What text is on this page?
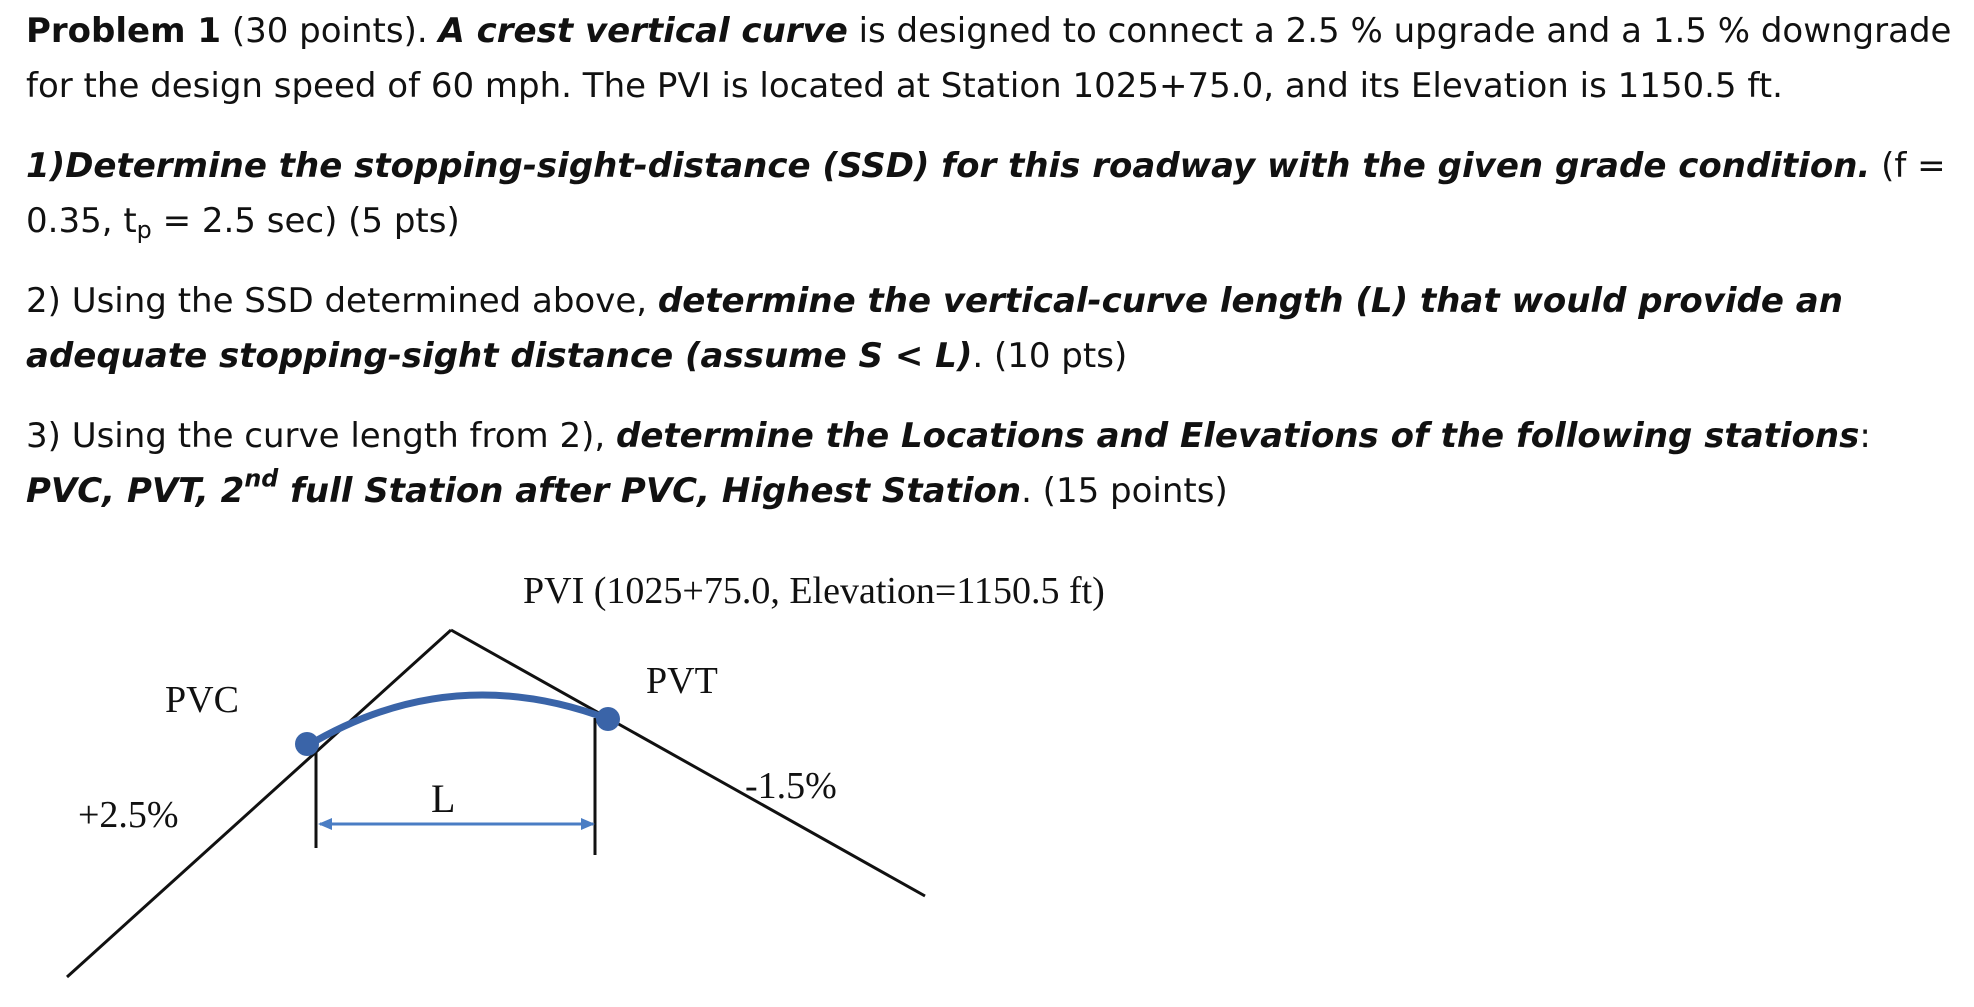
Problem 1 (30 points). A crest vertical curve is designed to connect a 2.5 % upgrade and a 1.5 % downgrade for the design speed of 60 mph. The PVI is located at Station 1025+75.0, and its Elevation is 1150.5 ft.

1)Determine the stopping-sight-distance (SSD) for this roadway with the given grade condition. (f = 0.35, $t_p = 2.5$ sec) (5 pts)

2) Using the SSD determined above, determine the vertical-curve length (L) that would provide an adequate stopping-sight distance (assume S < L). (10 pts)

3) Using the curve length from 2), determine the Locations and Elevations of the following stations: PVC, PVT, 2nd full Station after PVC, Highest Station. (15 points)

PVI (1025+75.0, Elevation=1150.5 ft)
PVC	PVT
+2.5%
-1.5%
L
